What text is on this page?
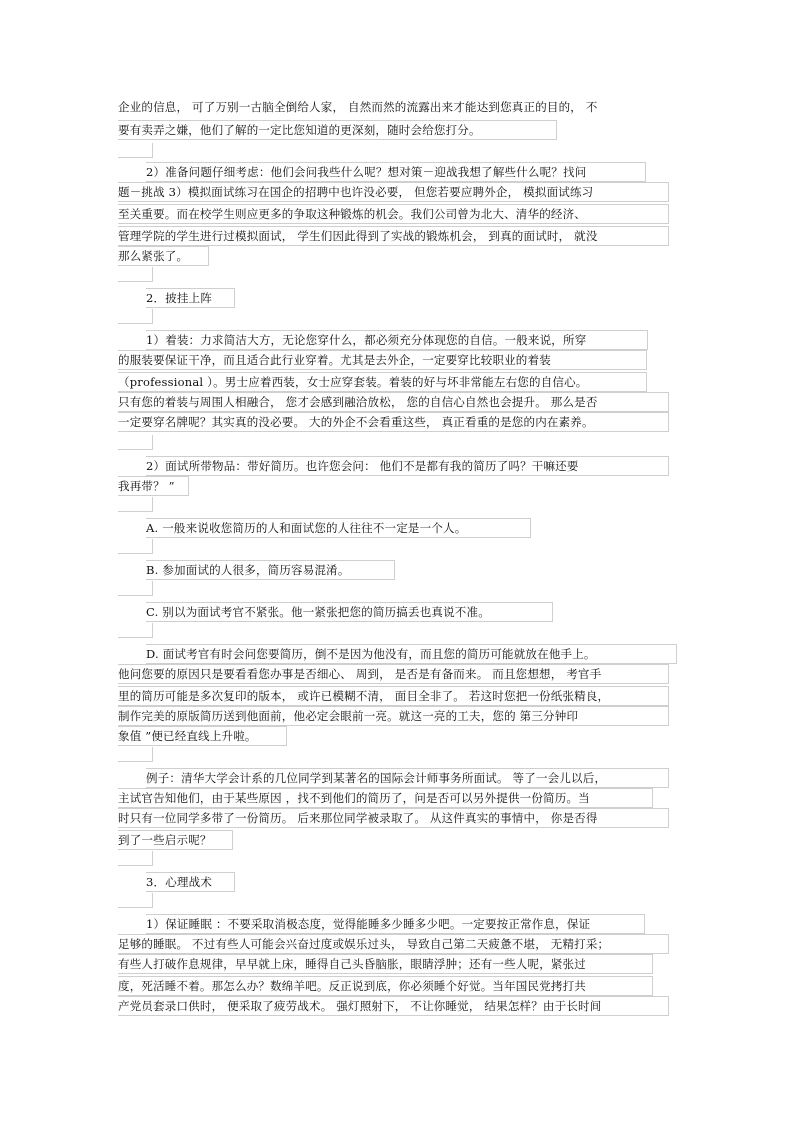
企业的信息， 可了万别一古脑全倒给人家， 自然而然的流露出来才能达到您真正的目的， 不
要有卖弄之嫌，他们了解的一定比您知道的更深刻，随时会给您打分。
2）准备问题仔细考虑：他们会问我些什么呢？想对策－迎战我想了解些什么呢？找问
题－挑战 3）模拟面试练习在国企的招聘中也许没必要， 但您若要应聘外企， 模拟面试练习
至关重要。而在校学生则应更多的争取这种锻炼的机会。我们公司曾为北大、清华的经济、
管理学院的学生进行过模拟面试， 学生们因此得到了实战的锻炼机会， 到真的面试时， 就没
那么紧张了。
2．披挂上阵
1）着装：力求简洁大方，无论您穿什么，都必须充分体现您的自信。一般来说，所穿
的服装要保证干净，而且适合此行业穿着。尤其是去外企，一定要穿比较职业的着装
（professional ）。男士应着西装，女士应穿套装。着装的好与坏非常能左右您的自信心。
只有您的着装与周围人相融合， 您才会感到融洽放松， 您的自信心自然也会提升。 那么是否
一定要穿名牌呢？其实真的没必要。 大的外企不会看重这些， 真正看重的是您的内在素养。
2）面试所带物品：带好简历。也许您会问： 他们不是都有我的简历了吗？干嘛还要
我再带？ ”
A. 一般来说收您简历的人和面试您的人往往不一定是一个人。
B. 参加面试的人很多，简历容易混淆。
C. 别以为面试考官不紧张。他一紧张把您的简历搞丢也真说不准。
D. 面试考官有时会问您要简历，倒不是因为他没有，而且您的简历可能就放在他手上。
他问您要的原因只是要看看您办事是否细心、 周到， 是否是有备而来。 而且您想想， 考官手
里的简历可能是多次复印的版本， 或许已模糊不清， 面目全非了。 若这时您把一份纸张精良，
制作完美的原版简历送到他面前，他必定会眼前一亮。就这一亮的工夫，您的 第三分钟印
象值 ”便已经直线上升啦。
例子：清华大学会计系的几位同学到某著名的国际会计师事务所面试。 等了一会儿以后，
主试官告知他们，由于某些原因 ，找不到他们的简历了，问是否可以另外提供一份简历。当
时只有一位同学多带了一份简历。 后来那位同学被录取了。 从这件真实的事情中， 你是否得
到了一些启示呢？
3．心理战术
1）保证睡眠 ：不要采取消极态度，觉得能睡多少睡多少吧。一定要按正常作息，保证
足够的睡眠。 不过有些人可能会兴奋过度或娱乐过头， 导致自己第二天疲惫不堪， 无精打采；
有些人打破作息规律，早早就上床，睡得自己头昏脑胀，眼睛浮肿；还有一些人呢，紧张过
度，死活睡不着。那怎么办？数绵羊吧。反正说到底，你必须睡个好觉。当年国民党拷打共
产党员套录口供时， 便采取了疲劳战术。 强灯照射下， 不让你睡觉， 结果怎样？由于长时间
